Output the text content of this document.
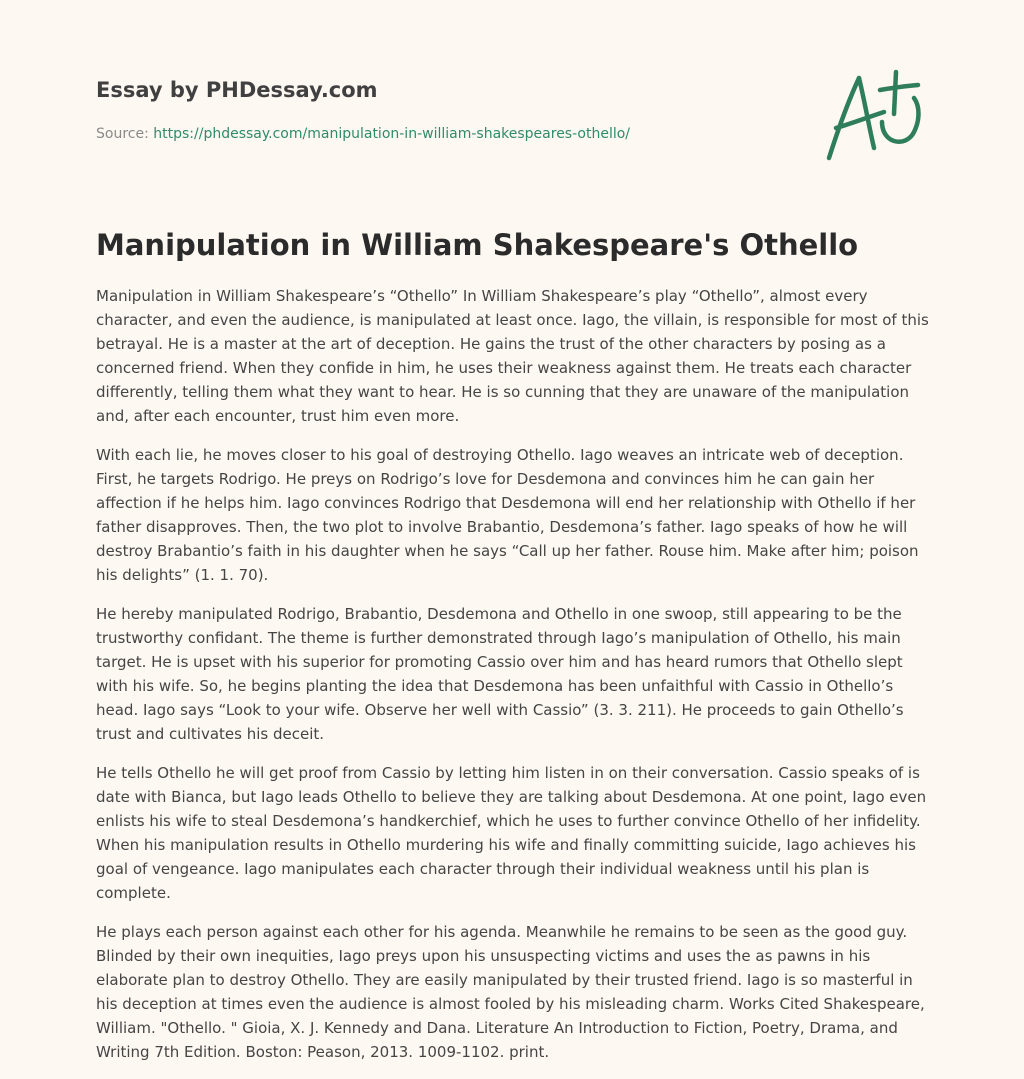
Essay by PHDessay.com
Source: https://phdessay.com/manipulation-in-william-shakespeares-othello/
Manipulation in William Shakespeare's Othello

Manipulation in William Shakespeare’s “Othello” In William Shakespeare’s play “Othello”, almost every character, and even the audience, is manipulated at least once. Iago, the villain, is responsible for most of this betrayal. He is a master at the art of deception. He gains the trust of the other characters by posing as a concerned friend. When they confide in him, he uses their weakness against them. He treats each character differently, telling them what they want to hear. He is so cunning that they are unaware of the manipulation and, after each encounter, trust him even more.

With each lie, he moves closer to his goal of destroying Othello. Iago weaves an intricate web of deception. First, he targets Rodrigo. He preys on Rodrigo’s love for Desdemona and convinces him he can gain her affection if he helps him. Iago convinces Rodrigo that Desdemona will end her relationship with Othello if her father disapproves. Then, the two plot to involve Brabantio, Desdemona’s father. Iago speaks of how he will destroy Brabantio’s faith in his daughter when he says “Call up her father. Rouse him. Make after him; poison his delights” (1. 1. 70).

He hereby manipulated Rodrigo, Brabantio, Desdemona and Othello in one swoop, still appearing to be the trustworthy confidant. The theme is further demonstrated through Iago’s manipulation of Othello, his main target. He is upset with his superior for promoting Cassio over him and has heard rumors that Othello slept with his wife. So, he begins planting the idea that Desdemona has been unfaithful with Cassio in Othello’s head. Iago says “Look to your wife. Observe her well with Cassio” (3. 3. 211). He proceeds to gain Othello’s trust and cultivates his deceit.

He tells Othello he will get proof from Cassio by letting him listen in on their conversation. Cassio speaks of is date with Bianca, but Iago leads Othello to believe they are talking about Desdemona. At one point, Iago even enlists his wife to steal Desdemona’s handkerchief, which he uses to further convince Othello of her infidelity. When his manipulation results in Othello murdering his wife and finally committing suicide, Iago achieves his goal of vengeance. Iago manipulates each character through their individual weakness until his plan is complete.

He plays each person against each other for his agenda. Meanwhile he remains to be seen as the good guy. Blinded by their own inequities, Iago preys upon his unsuspecting victims and uses the as pawns in his elaborate plan to destroy Othello. They are easily manipulated by their trusted friend. Iago is so masterful in his deception at times even the audience is almost fooled by his misleading charm. Works Cited Shakespeare, William. "Othello. " Gioia, X. J. Kennedy and Dana. Literature An Introduction to Fiction, Poetry, Drama, and Writing 7th Edition. Boston: Peason, 2013. 1009-1102. print.
